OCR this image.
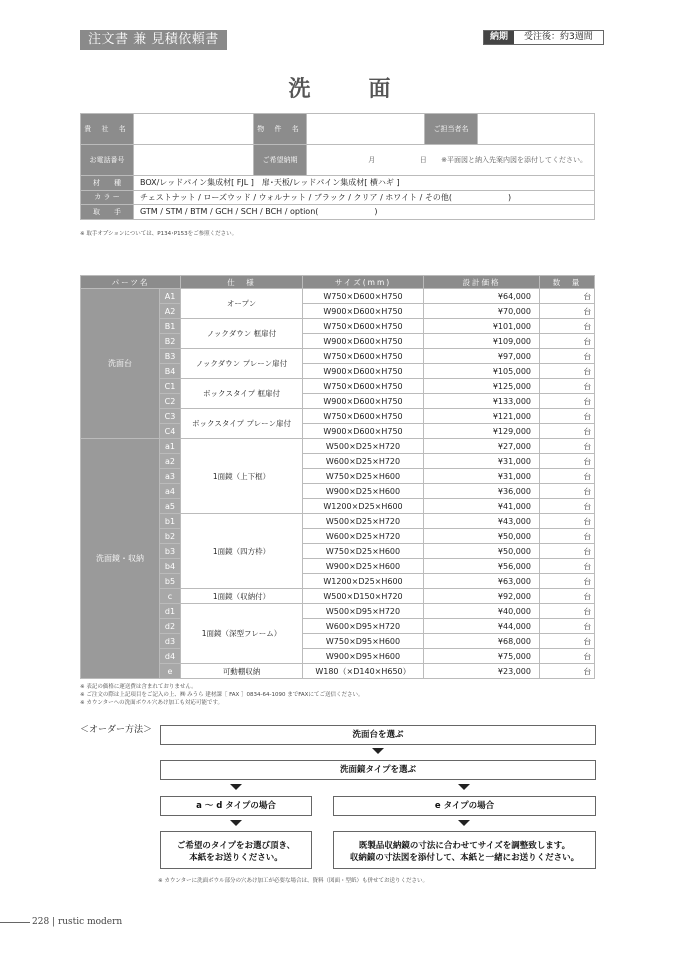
注文書 兼 見積依頼書	納期	受注後：約3週間
洗　面
貴 社 名		物 件 名		ご担当者名	
お電話番号		ご希望納期	月 日 ※平面図と納入先案内図を添付してください。		
材　　種	BOX/レッドパイン集成材[ FJL ]　扉･天板/レッドパイン集成材[ 横ハギ ]				
カ ラ ー	チェストナット / ローズウッド / ウォルナット / ブラック / クリア / ホワイト / その他(　　　　　　　)				
取　　手	GTM / STM / BTM / GCH / SCH / BCH / option(　　　　　　　)				
※ 取手オプションについては、P134･P153をご参照ください。
パーツ名		仕　様	サイズ(mm)	設計価格	数　量
洗面台	A1	オープン	W750×D600×H750	¥64,000	台
	A2		W900×D600×H750	¥70,000	台
	B1	ノックダウン 框扉付	W750×D600×H750	¥101,000	台
	B2		W900×D600×H750	¥109,000	台
	B3	ノックダウン プレーン扉付	W750×D600×H750	¥97,000	台
	B4		W900×D600×H750	¥105,000	台
	C1	ボックスタイプ 框扉付	W750×D600×H750	¥125,000	台
	C2		W900×D600×H750	¥133,000	台
	C3	ボックスタイプ プレーン扉付	W750×D600×H750	¥121,000	台
	C4		W900×D600×H750	¥129,000	台
洗面鏡・収納	a1	1面鏡（上下框）	W500×D25×H720	¥27,000	台
	a2		W600×D25×H720	¥31,000	台
	a3		W750×D25×H600	¥31,000	台
	a4		W900×D25×H600	¥36,000	台
	a5		W1200×D25×H600	¥41,000	台
	b1	1面鏡（四方枠）	W500×D25×H720	¥43,000	台
	b2		W600×D25×H720	¥50,000	台
	b3		W750×D25×H600	¥50,000	台
	b4		W900×D25×H600	¥56,000	台
	b5		W1200×D25×H600	¥63,000	台
	c	1面鏡（収納付）	W500×D150×H720	¥92,000	台
	d1	1面鏡（深型フレーム）	W500×D95×H720	¥40,000	台
	d2		W600×D95×H720	¥44,000	台
	d3		W750×D95×H600	¥68,000	台
	d4		W900×D95×H600	¥75,000	台
	e	可動棚収納	W180（×D140×H650）	¥23,000	台
※ 表記の価格に運送費は含まれておりません。
※ ご注文の際は上記項目をご記入の上、㈱ みうら 建材課［ FAX ］0834-64-1090 までFAXにてご送信ください。
※ カウンターへの洗面ボウル穴あけ加工も対応可能です。
＜オーダー方法＞	洗面台を選ぶ
洗面鏡タイプを選ぶ
a 〜 d タイプの場合	e タイプの場合
ご希望のタイプをお選び頂き、
本紙をお送りください。
既製品収納鏡の寸法に合わせてサイズを調整致します。
収納鏡の寸法図を添付して、本紙と一緒にお送りください。
※ カウンターに洗面ボウル部分の穴あけ加工が必要な場合は、資料（図面・型紙）も併せてお送りください。
228 | rustic modern
